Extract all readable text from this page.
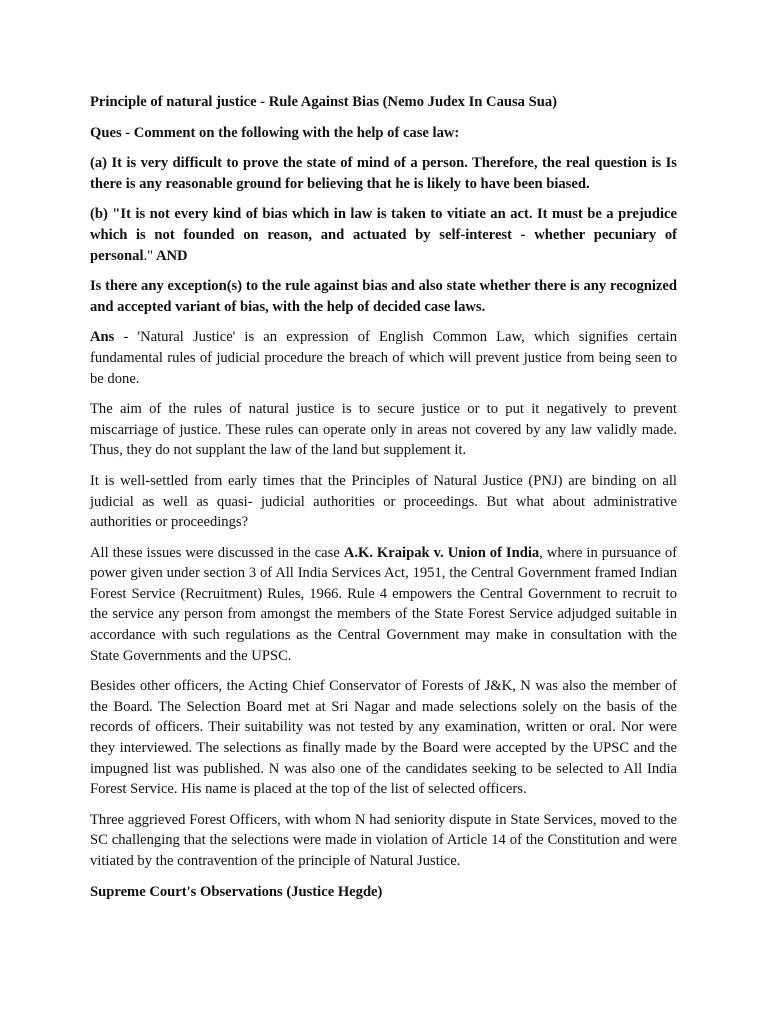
Principle of natural justice - Rule Against Bias (Nemo Judex In Causa Sua)

Ques - Comment on the following with the help of case law:

(a) It is very difficult to prove the state of mind of a person. Therefore, the real question is Is there is any reasonable ground for believing that he is likely to have been biased.

(b) "It is not every kind of bias which in law is taken to vitiate an act. It must be a prejudice which is not founded on reason, and actuated by self-interest - whether pecuniary of personal." AND

Is there any exception(s) to the rule against bias and also state whether there is any recognized and accepted variant of bias, with the help of decided case laws.

Ans - 'Natural Justice' is an expression of English Common Law, which signifies certain fundamental rules of judicial procedure the breach of which will prevent justice from being seen to be done.

The aim of the rules of natural justice is to secure justice or to put it negatively to prevent miscarriage of justice. These rules can operate only in areas not covered by any law validly made. Thus, they do not supplant the law of the land but supplement it.

It is well-settled from early times that the Principles of Natural Justice (PNJ) are binding on all judicial as well as quasi- judicial authorities or proceedings. But what about administrative authorities or proceedings?

All these issues were discussed in the case A.K. Kraipak v. Union of India, where in pursuance of power given under section 3 of All India Services Act, 1951, the Central Government framed Indian Forest Service (Recruitment) Rules, 1966. Rule 4 empowers the Central Government to recruit to the service any person from amongst the members of the State Forest Service adjudged suitable in accordance with such regulations as the Central Government may make in consultation with the State Governments and the UPSC.

Besides other officers, the Acting Chief Conservator of Forests of J&K, N was also the member of the Board. The Selection Board met at Sri Nagar and made selections solely on the basis of the records of officers. Their suitability was not tested by any examination, written or oral. Nor were they interviewed. The selections as finally made by the Board were accepted by the UPSC and the impugned list was published. N was also one of the candidates seeking to be selected to All India Forest Service. His name is placed at the top of the list of selected officers.

Three aggrieved Forest Officers, with whom N had seniority dispute in State Services, moved to the SC challenging that the selections were made in violation of Article 14 of the Constitution and were vitiated by the contravention of the principle of Natural Justice.

Supreme Court's Observations (Justice Hegde)
